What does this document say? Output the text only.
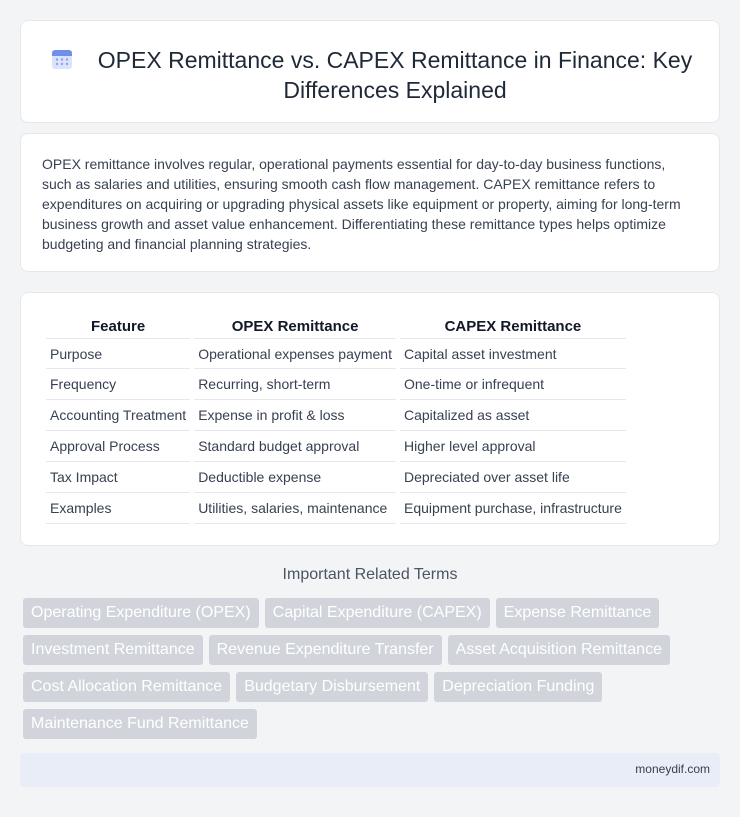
OPEX Remittance vs. CAPEX Remittance in Finance: Key Differences Explained

OPEX remittance involves regular, operational payments essential for day-to-day business functions, such as salaries and utilities, ensuring smooth cash flow management. CAPEX remittance refers to expenditures on acquiring or upgrading physical assets like equipment or property, aiming for long-term business growth and asset value enhancement. Differentiating these remittance types helps optimize budgeting and financial planning strategies.

Feature	OPEX Remittance	CAPEX Remittance
Purpose	Operational expenses payment	Capital asset investment
Frequency	Recurring, short-term	One-time or infrequent
Accounting Treatment	Expense in profit & loss	Capitalized as asset
Approval Process	Standard budget approval	Higher level approval
Tax Impact	Deductible expense	Depreciated over asset life
Examples	Utilities, salaries, maintenance	Equipment purchase, infrastructure
Important Related Terms
Operating Expenditure (OPEX)	Capital Expenditure (CAPEX)	Expense Remittance
Investment Remittance	Revenue Expenditure Transfer	Asset Acquisition Remittance
Cost Allocation Remittance	Budgetary Disbursement	Depreciation Funding
Maintenance Fund Remittance
moneydif.com
